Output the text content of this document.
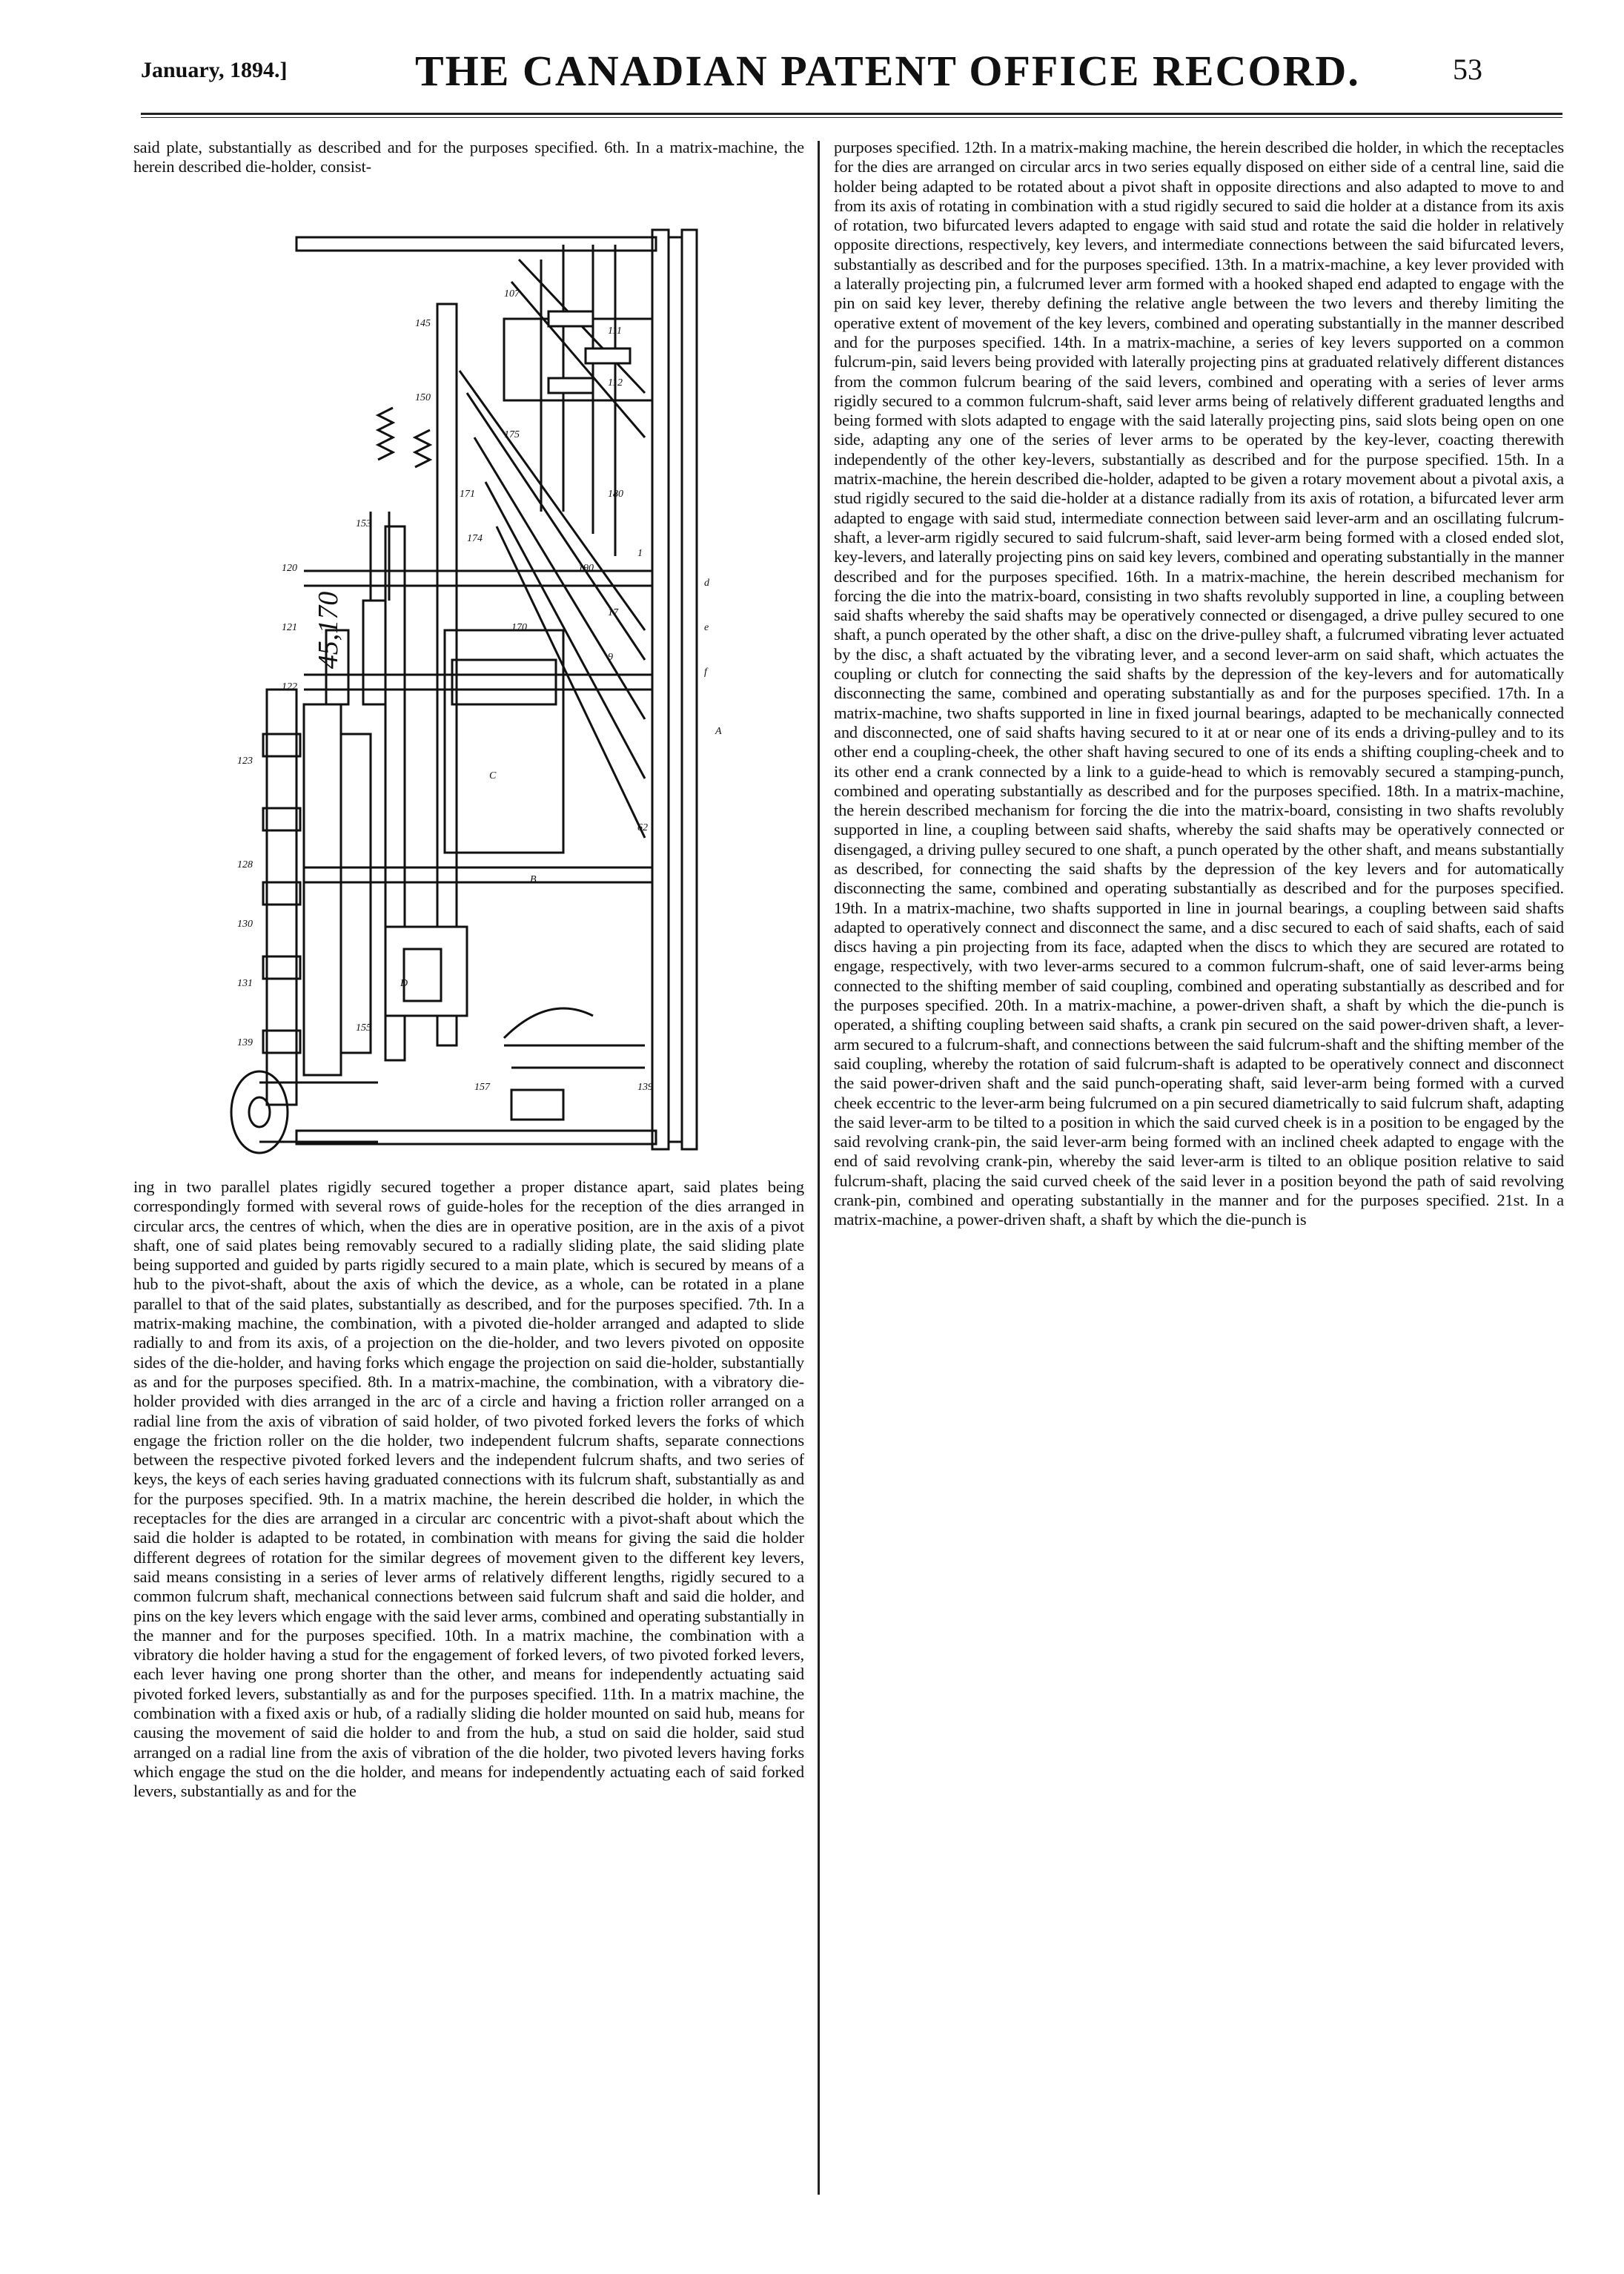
January, 1894.]	THE CANADIAN PATENT OFFICE RECORD.	53

said plate, substantially as described and for the purposes specified. 6th. In a matrix-machine, the herein described die-holder, consist-

A
B
C
D
d
e
f
120
121
122
123
128
130
131
139
139
62
107
111
112
145
150
153
155
157
170
171
174
175
180
190
17
9
1
45,170

ing in two parallel plates rigidly secured together a proper distance apart, said plates being correspondingly formed with several rows of guide-holes for the reception of the dies arranged in circular arcs, the centres of which, when the dies are in operative position, are in the axis of a pivot shaft, one of said plates being removably secured to a radially sliding plate, the said sliding plate being supported and guided by parts rigidly secured to a main plate, which is secured by means of a hub to the pivot-shaft, about the axis of which the device, as a whole, can be rotated in a plane parallel to that of the said plates, substantially as described, and for the purposes specified. 7th. In a matrix-making machine, the combination, with a pivoted die-holder arranged and adapted to slide radially to and from its axis, of a projection on the die-holder, and two levers pivoted on opposite sides of the die-holder, and having forks which engage the projection on said die-holder, substantially as and for the purposes specified. 8th. In a matrix-machine, the combination, with a vibratory die-holder provided with dies arranged in the arc of a circle and having a friction roller arranged on a radial line from the axis of vibration of said holder, of two pivoted forked levers the forks of which engage the friction roller on the die holder, two independent fulcrum shafts, separate connections between the respective pivoted forked levers and the independent fulcrum shafts, and two series of keys, the keys of each series having graduated connections with its fulcrum shaft, substantially as and for the purposes specified. 9th. In a matrix machine, the herein described die holder, in which the receptacles for the dies are arranged in a circular arc concentric with a pivot-shaft about which the said die holder is adapted to be rotated, in combination with means for giving the said die holder different degrees of rotation for the similar degrees of movement given to the different key levers, said means consisting in a series of lever arms of relatively different lengths, rigidly secured to a common fulcrum shaft, mechanical connections between said fulcrum shaft and said die holder, and pins on the key levers which engage with the said lever arms, combined and operating substantially in the manner and for the purposes specified. 10th. In a matrix machine, the combination with a vibratory die holder having a stud for the engagement of forked levers, of two pivoted forked levers, each lever having one prong shorter than the other, and means for independently actuating said pivoted forked levers, substantially as and for the purposes specified. 11th. In a matrix machine, the combination with a fixed axis or hub, of a radially sliding die holder mounted on said hub, means for causing the movement of said die holder to and from the hub, a stud on said die holder, said stud arranged on a radial line from the axis of vibration of the die holder, two pivoted levers having forks which engage the stud on the die holder, and means for independently actuating each of said forked levers, substantially as and for the

purposes specified. 12th. In a matrix-making machine, the herein described die holder, in which the receptacles for the dies are arranged on circular arcs in two series equally disposed on either side of a central line, said die holder being adapted to be rotated about a pivot shaft in opposite directions and also adapted to move to and from its axis of rotating in combination with a stud rigidly secured to said die holder at a distance from its axis of rotation, two bifurcated levers adapted to engage with said stud and rotate the said die holder in relatively opposite directions, respectively, key levers, and intermediate connections between the said bifurcated levers, substantially as described and for the purposes specified. 13th. In a matrix-machine, a key lever provided with a laterally projecting pin, a fulcrumed lever arm formed with a hooked shaped end adapted to engage with the pin on said key lever, thereby defining the relative angle between the two levers and thereby limiting the operative extent of movement of the key levers, combined and operating substantially in the manner described and for the purposes specified. 14th. In a matrix-machine, a series of key levers supported on a common fulcrum-pin, said levers being provided with laterally projecting pins at graduated relatively different distances from the common fulcrum bearing of the said levers, combined and operating with a series of lever arms rigidly secured to a common fulcrum-shaft, said lever arms being of relatively different graduated lengths and being formed with slots adapted to engage with the said laterally projecting pins, said slots being open on one side, adapting any one of the series of lever arms to be operated by the key-lever, coacting therewith independently of the other key-levers, substantially as described and for the purpose specified. 15th. In a matrix-machine, the herein described die-holder, adapted to be given a rotary movement about a pivotal axis, a stud rigidly secured to the said die-holder at a distance radially from its axis of rotation, a bifurcated lever arm adapted to engage with said stud, intermediate connection between said lever-arm and an oscillating fulcrum-shaft, a lever-arm rigidly secured to said fulcrum-shaft, said lever-arm being formed with a closed ended slot, key-levers, and laterally projecting pins on said key levers, combined and operating substantially in the manner described and for the purposes specified. 16th. In a matrix-machine, the herein described mechanism for forcing the die into the matrix-board, consisting in two shafts revolubly supported in line, a coupling between said shafts whereby the said shafts may be operatively connected or disengaged, a drive pulley secured to one shaft, a punch operated by the other shaft, a disc on the drive-pulley shaft, a fulcrumed vibrating lever actuated by the disc, a shaft actuated by the vibrating lever, and a second lever-arm on said shaft, which actuates the coupling or clutch for connecting the said shafts by the depression of the key-levers and for automatically disconnecting the same, combined and operating substantially as and for the purposes specified. 17th. In a matrix-machine, two shafts supported in line in fixed journal bearings, adapted to be mechanically connected and disconnected, one of said shafts having secured to it at or near one of its ends a driving-pulley and to its other end a coupling-cheek, the other shaft having secured to one of its ends a shifting coupling-cheek and to its other end a crank connected by a link to a guide-head to which is removably secured a stamping-punch, combined and operating substantially as described and for the purposes specified. 18th. In a matrix-machine, the herein described mechanism for forcing the die into the matrix-board, consisting in two shafts revolubly supported in line, a coupling between said shafts, whereby the said shafts may be operatively connected or disengaged, a driving pulley secured to one shaft, a punch operated by the other shaft, and means substantially as described, for connecting the said shafts by the depression of the key levers and for automatically disconnecting the same, combined and operating substantially as described and for the purposes specified. 19th. In a matrix-machine, two shafts supported in line in journal bearings, a coupling between said shafts adapted to operatively connect and disconnect the same, and a disc secured to each of said shafts, each of said discs having a pin projecting from its face, adapted when the discs to which they are secured are rotated to engage, respectively, with two lever-arms secured to a common fulcrum-shaft, one of said lever-arms being connected to the shifting member of said coupling, combined and operating substantially as described and for the purposes specified. 20th. In a matrix-machine, a power-driven shaft, a shaft by which the die-punch is operated, a shifting coupling between said shafts, a crank pin secured on the said power-driven shaft, a lever-arm secured to a fulcrum-shaft, and connections between the said fulcrum-shaft and the shifting member of the said coupling, whereby the rotation of said fulcrum-shaft is adapted to be operatively connect and disconnect the said power-driven shaft and the said punch-operating shaft, said lever-arm being formed with a curved cheek eccentric to the lever-arm being fulcrumed on a pin secured diametrically to said fulcrum shaft, adapting the said lever-arm to be tilted to a position in which the said curved cheek is in a position to be engaged by the said revolving crank-pin, the said lever-arm being formed with an inclined cheek adapted to engage with the end of said revolving crank-pin, whereby the said lever-arm is tilted to an oblique position relative to said fulcrum-shaft, placing the said curved cheek of the said lever in a position beyond the path of said revolving crank-pin, combined and operating substantially in the manner and for the purposes specified. 21st. In a matrix-machine, a power-driven shaft, a shaft by which the die-punch is
